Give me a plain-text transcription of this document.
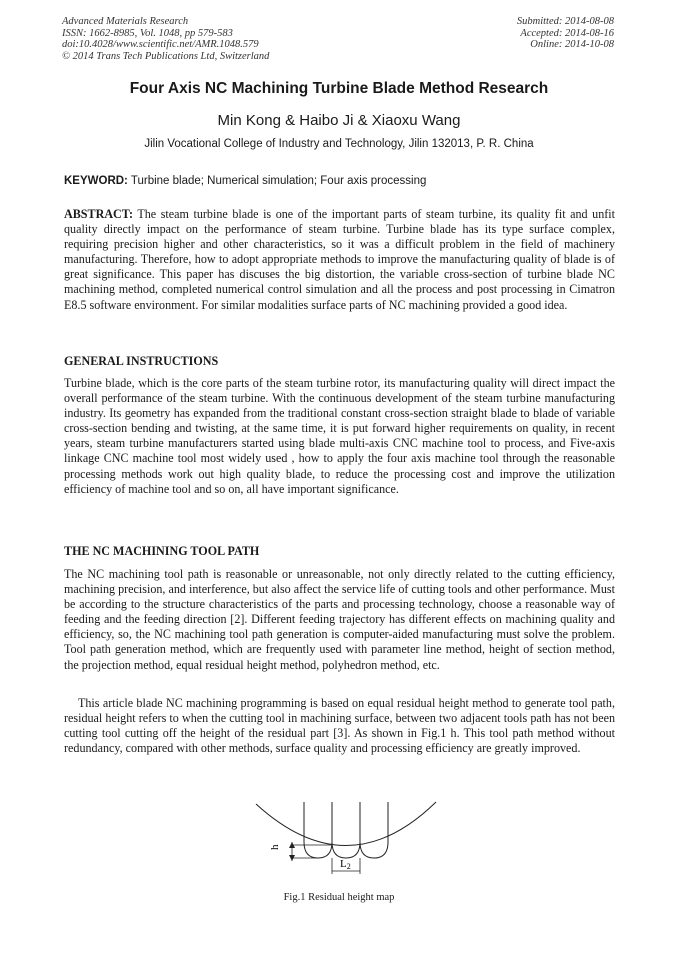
Advanced Materials Research
ISSN: 1662-8985, Vol. 1048, pp 579-583
doi:10.4028/www.scientific.net/AMR.1048.579
© 2014 Trans Tech Publications Ltd, Switzerland
Submitted: 2014-08-08
Accepted: 2014-08-16
Online: 2014-10-08
Four Axis NC Machining Turbine Blade Method Research
Min Kong & Haibo Ji & Xiaoxu Wang
Jilin Vocational College of Industry and Technology, Jilin 132013, P. R. China
KEYWORD: Turbine blade; Numerical simulation; Four axis processing
ABSTRACT: The steam turbine blade is one of the important parts of steam turbine, its quality fit and unfit quality directly impact on the performance of steam turbine. Turbine blade has its type surface complex, requiring precision higher and other characteristics, so it was a difficult problem in the field of machinery manufacturing. Therefore, how to adopt appropriate methods to improve the manufacturing quality of blade is of great significance. This paper has discuses the big distortion, the variable cross-section of turbine blade NC machining method, completed numerical control simulation and all the process and post processing in Cimatron E8.5 software environment. For similar modalities surface parts of NC machining provided a good idea.
GENERAL INSTRUCTIONS
Turbine blade, which is the core parts of the steam turbine rotor, its manufacturing quality will direct impact the overall performance of the steam turbine. With the continuous development of the steam turbine manufacturing industry. Its geometry has expanded from the traditional constant cross-section straight blade to blade of variable cross-section bending and twisting, at the same time, it is put forward higher requirements on quality, in recent years, steam turbine manufacturers started using blade multi-axis CNC machine tool to process, and Five-axis linkage CNC machine tool most widely used , how to apply the four axis machine tool through the reasonable processing methods work out high quality blade, to reduce the processing cost and improve the utilization efficiency of machine tool and so on, all have important significance.
THE NC MACHINING TOOL PATH
The NC machining tool path is reasonable or unreasonable, not only directly related to the cutting efficiency, machining precision, and interference, but also affect the service life of cutting tools and other performance. Must be according to the structure characteristics of the parts and processing technology, choose a reasonable way of feeding and the feeding direction [2]. Different feeding trajectory has different effects on machining quality and efficiency, so, the NC machining tool path generation is computer-aided manufacturing must solve the problem. Tool path generation method, which are frequently used with parameter line method, height of section method, the projection method, equal residual height method, polyhedron method, etc.
This article blade NC machining programming is based on equal residual height method to generate tool path, residual height refers to when the cutting tool in machining surface, between two adjacent tools path has not been cutting tool cutting off the height of the residual part [3]. As shown in Fig.1 h. This tool path method without redundancy, compared with other methods, surface quality and processing efficiency are greatly improved.
h
L2
Fig.1 Residual height map
